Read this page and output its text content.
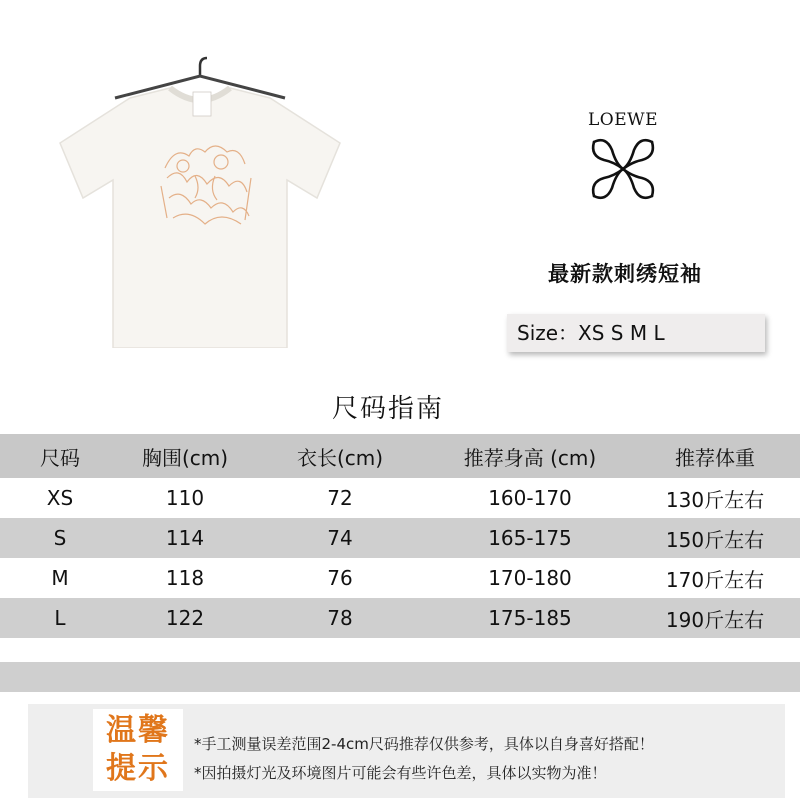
LOEWE
最新款刺绣短袖
Size：XS S M L
尺码指南
尺码	胸围(cm)	衣长(cm)	推荐身高 (cm)	推荐体重
XS	110	72	160-170	130斤左右
S	114	74	165-175	150斤左右
M	118	76	170-180	170斤左右
L	122	78	175-185	190斤左右
温馨
提示
*手工测量误差范围2-4cm尺码推荐仅供参考，具体以自身喜好搭配！
*因拍摄灯光及环境图片可能会有些许色差，具体以实物为准！
